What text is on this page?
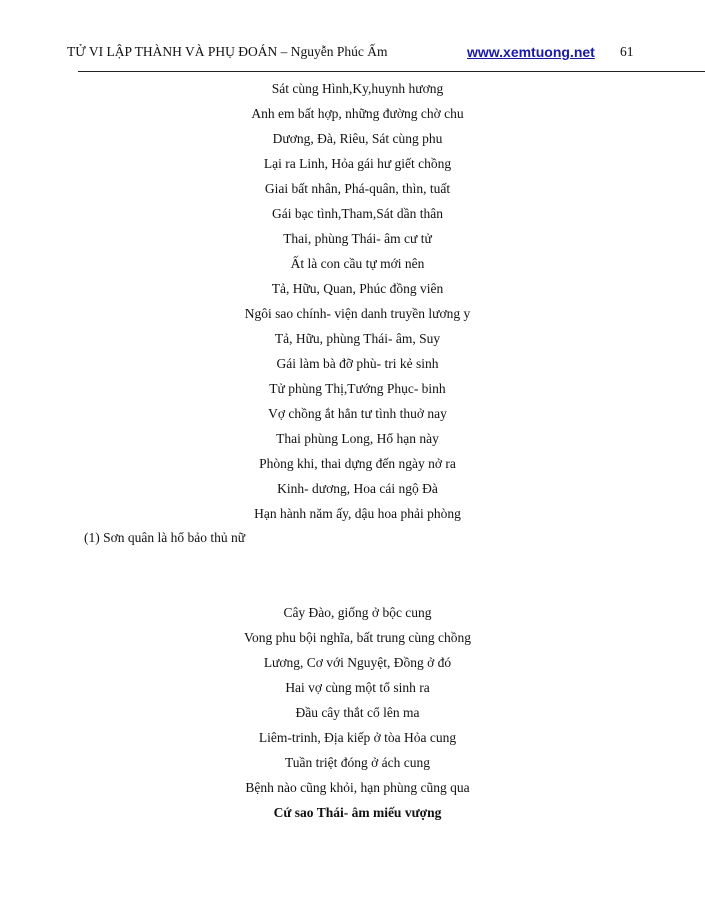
TỬ VI LẬP THÀNH VÀ PHỤ ĐOÁN – Nguyễn Phúc Ấm	www.xemtuong.net 61
Sát cùng Hình,Ky,huynh hương
Anh em bất hợp, những đường chờ chu
Dương, Đà, Riêu, Sát cùng phu
Lại ra Linh, Hỏa gái hư giết chồng
Giai bất nhân, Phá-quân, thìn, tuất
Gái bạc tình,Tham,Sát dần thân
Thai, phùng Thái- âm cư tử
Ất là con cầu tự mới nên
Tả, Hữu, Quan, Phúc đồng viên
Ngôi sao chính- viện danh truyền lương y
Tả, Hữu, phùng Thái- âm, Suy
Gái làm bà đỡ phù- tri kẻ sinh
Tử phùng Thị,Tướng Phục- binh
Vợ chồng ắt hẳn tư tình thuở nay
Thai phùng Long, Hổ hạn này
Phòng khi, thai dựng đến ngày nở ra
Kinh- dương, Hoa cái ngộ Đà
Hạn hành năm ấy, dậu hoa phải phòng
(1) Sơn quân là hổ bảo thủ nữ
Cây Đào, giống ở bộc cung
Vong phu bội nghĩa, bất trung cùng chồng
Lương, Cơ với Nguyệt, Đồng ở đó
Hai vợ cùng một tổ sinh ra
Đầu cây thắt cổ lên ma
Liêm-trinh, Địa kiếp ở tòa Hỏa cung
Tuần triệt đóng ở ách cung
Bệnh nào cũng khỏi, hạn phùng cũng qua
Cứ sao Thái- âm miếu vượng
